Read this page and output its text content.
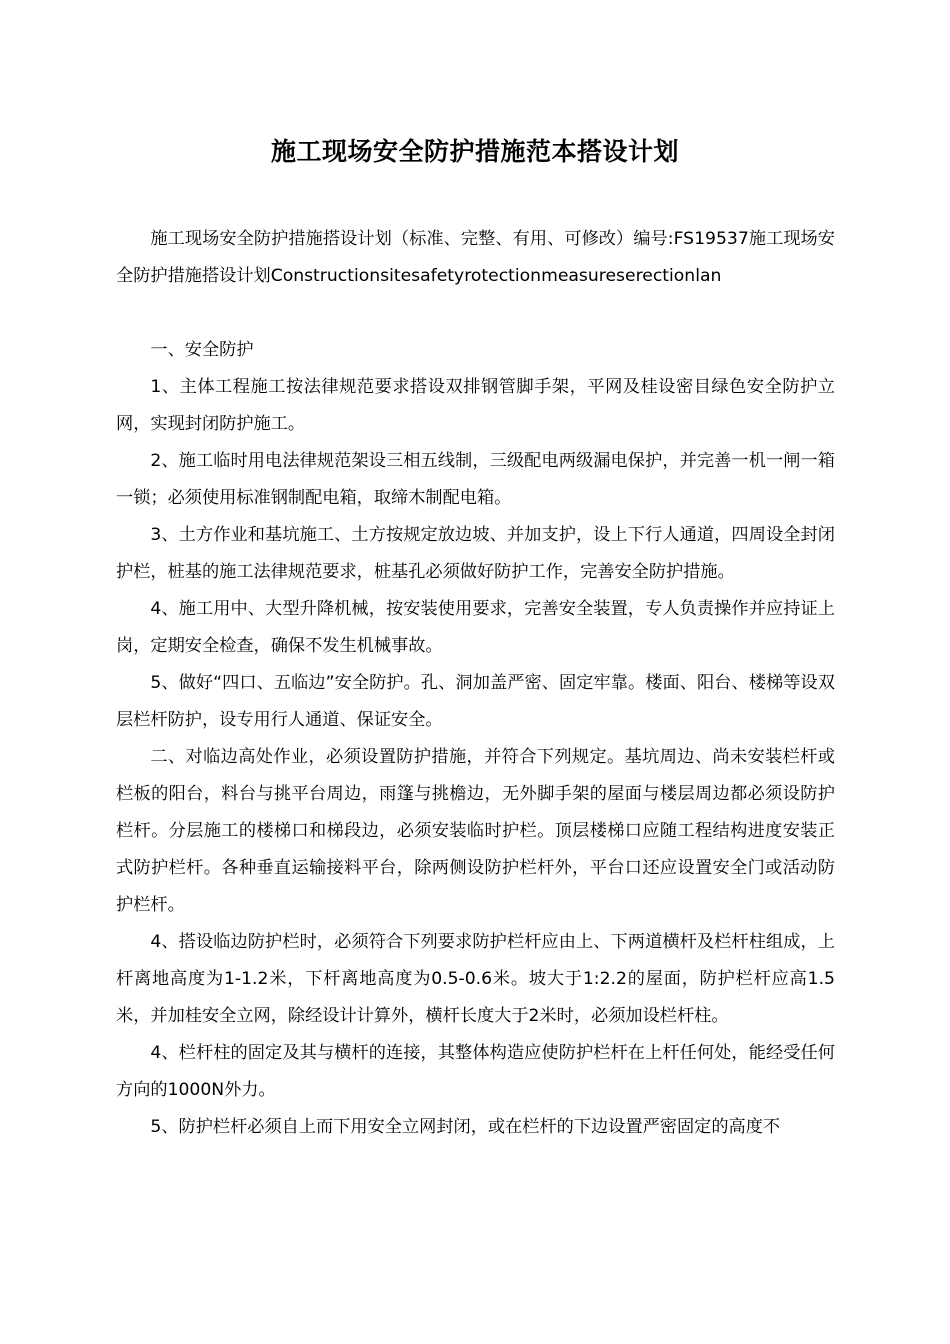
施工现场安全防护措施范本搭设计划

施工现场安全防护措施搭设计划（标准、完整、有用、可修改）编号:FS19537施工现场安全防护措施搭设计划Constructionsitesafetyrotectionmeasureserectionlan

一、安全防护

1、主体工程施工按法律规范要求搭设双排钢管脚手架，平网及桂设密目绿色安全防护立网，实现封闭防护施工。

2、施工临时用电法律规范架设三相五线制，三级配电两级漏电保护，并完善一机一闸一箱一锁；必须使用标准钢制配电箱，取缔木制配电箱。

3、土方作业和基坑施工、土方按规定放边坡、并加支护，设上下行人通道，四周设全封闭护栏，桩基的施工法律规范要求，桩基孔必须做好防护工作，完善安全防护措施。

4、施工用中、大型升降机械，按安装使用要求，完善安全装置，专人负责操作并应持证上岗，定期安全检查，确保不发生机械事故。

5、做好“四口、五临边”安全防护。孔、洞加盖严密、固定牢靠。楼面、阳台、楼梯等设双层栏杆防护，设专用行人通道、保证安全。

二、对临边高处作业，必须设置防护措施，并符合下列规定。基坑周边、尚未安装栏杆或栏板的阳台，料台与挑平台周边，雨篷与挑檐边，无外脚手架的屋面与楼层周边都必须设防护栏杆。分层施工的楼梯口和梯段边，必须安装临时护栏。顶层楼梯口应随工程结构进度安装正式防护栏杆。各种垂直运输接料平台，除两侧设防护栏杆外，平台口还应设置安全门或活动防护栏杆。

4、搭设临边防护栏时，必须符合下列要求防护栏杆应由上、下两道横杆及栏杆柱组成，上杆离地高度为1-1.2米，下杆离地高度为0.5-0.6米。坡大于1:2.2的屋面，防护栏杆应高1.5米，并加桂安全立网，除经设计计算外，横杆长度大于2米时，必须加设栏杆柱。

4、栏杆柱的固定及其与横杆的连接，其整体构造应使防护栏杆在上杆任何处，能经受任何方向的1000N外力。

5、防护栏杆必须自上而下用安全立网封闭，或在栏杆的下边设置严密固定的高度不
